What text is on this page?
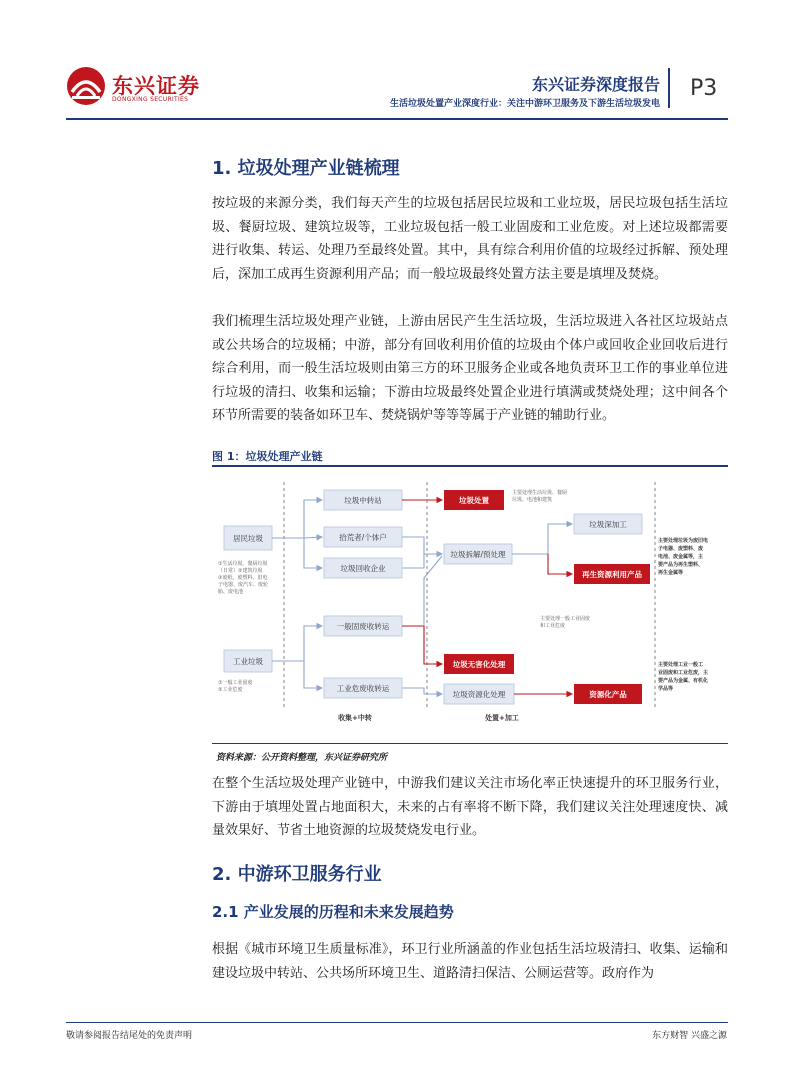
东兴证券
DONGXING SECURITIES
东兴证券深度报告
生活垃圾处置产业深度行业：关注中游环卫服务及下游生活垃圾发电
P3
1. 垃圾处理产业链梳理

按垃圾的来源分类，我们每天产生的垃圾包括居民垃圾和工业垃圾，居民垃圾包括生活垃圾、餐厨垃圾、建筑垃圾等，工业垃圾包括一般工业固废和工业危废。对上述垃圾都需要进行收集、转运、处理乃至最终处置。其中，具有综合利用价值的垃圾经过拆解、预处理后，深加工成再生资源利用产品；而一般垃圾最终处置方法主要是填埋及焚烧。

我们梳理生活垃圾处理产业链，上游由居民产生生活垃圾，生活垃圾进入各社区垃圾站点或公共场合的垃圾桶；中游，部分有回收利用价值的垃圾由个体户或回收企业回收后进行综合利用，而一般生活垃圾则由第三方的环卫服务企业或各地负责环卫工作的事业单位进行垃圾的清扫、收集和运输；下游由垃圾最终处置企业进行填满或焚烧处理；这中间各个环节所需要的装备如环卫车、焚烧锅炉等等等属于产业链的辅助行业。

图 1：垃圾处理产业链
居民垃圾
①生活垃圾、餐厨垃圾
（日常）②建筑垃圾
③废纸、废塑料、旧电
子电器、废汽车、废轮
胎、废电池
工业垃圾
①一般工业固废
②工业危废
垃圾中转站
拾荒者/个体户
垃圾回收企业
一般固废收转运
工业危废收转运
垃圾处置
主要处理生活垃圾、餐厨
垃圾、电池和建筑
垃圾拆解/预处理
垃圾深加工
再生资源利用产品
主要处理一般工业固废
和工业危废
垃圾无害化处理
垃圾资源化处理	资源化产品
主要处理垃圾为废旧电
子电器、废塑料、废
电池、废金属等，主
要产品为再生塑料、
再生金属等
主要处理工业一般工
业固废和工业危废，主
要产品为金属、有机化
学品等
收集+中转	处置+加工
资料来源：公开资料整理，东兴证券研究所

在整个生活垃圾处理产业链中，中游我们建议关注市场化率正快速提升的环卫服务行业，下游由于填埋处置占地面积大，未来的占有率将不断下降，我们建议关注处理速度快、减量效果好、节省土地资源的垃圾焚烧发电行业。

2. 中游环卫服务行业
2.1 产业发展的历程和未来发展趋势

根据《城市环境卫生质量标准》，环卫行业所涵盖的作业包括生活垃圾清扫、收集、运输和建设垃圾中转站、公共场所环境卫生、道路清扫保洁、公厕运营等。政府作为

敬请参阅报告结尾处的免责声明	东方财智 兴盛之源
